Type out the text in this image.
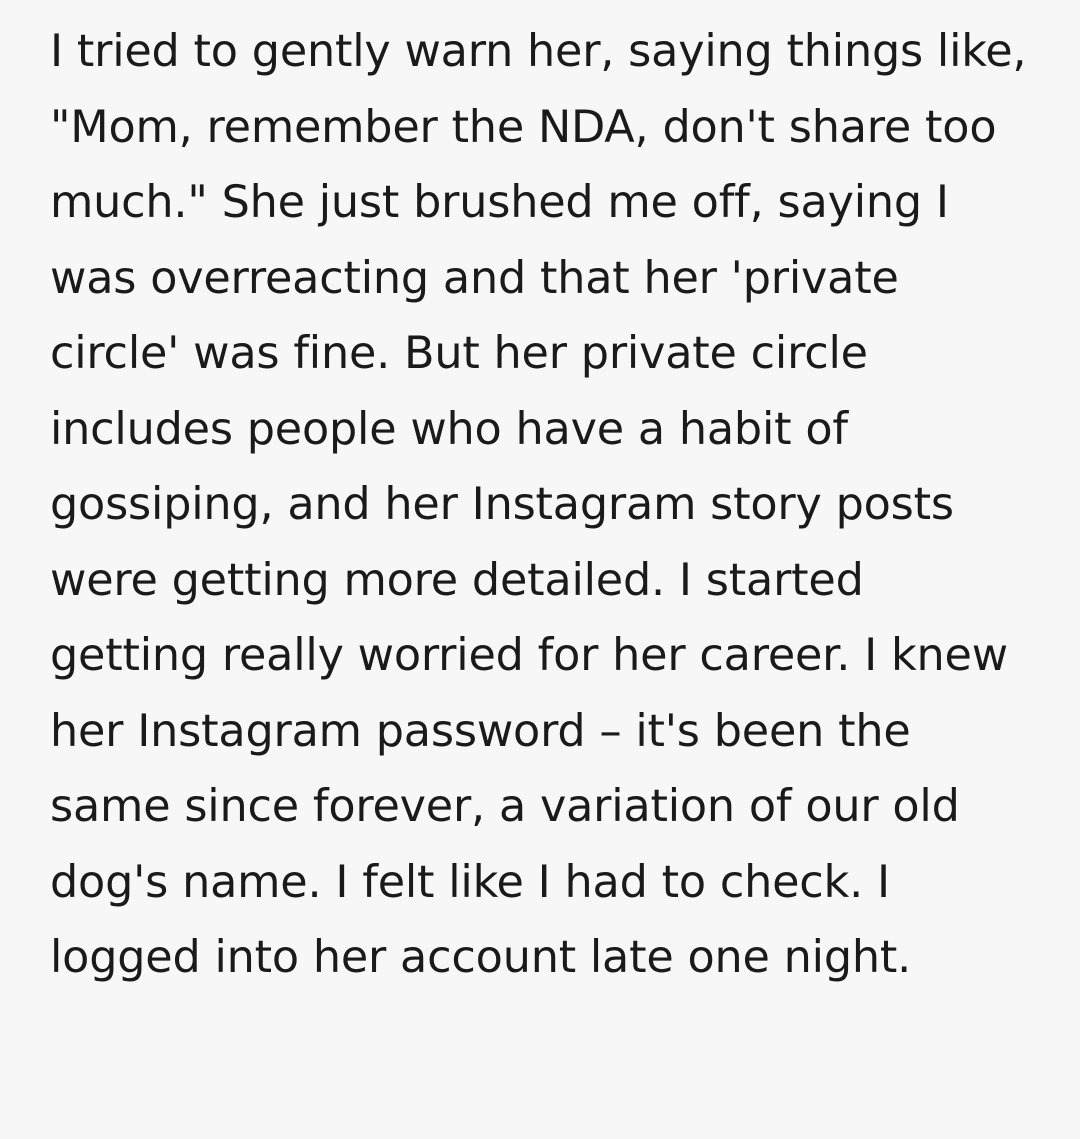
I tried to gently warn her, saying things like, "Mom, remember the NDA, don't share too much." She just brushed me off, saying I was overreacting and that her 'private circle' was fine. But her private circle includes people who have a habit of gossiping, and her Instagram story posts were getting more detailed. I started getting really worried for her career. I knew her Instagram password – it's been the same since forever, a variation of our old dog's name. I felt like I had to check. I logged into her account late one night.
